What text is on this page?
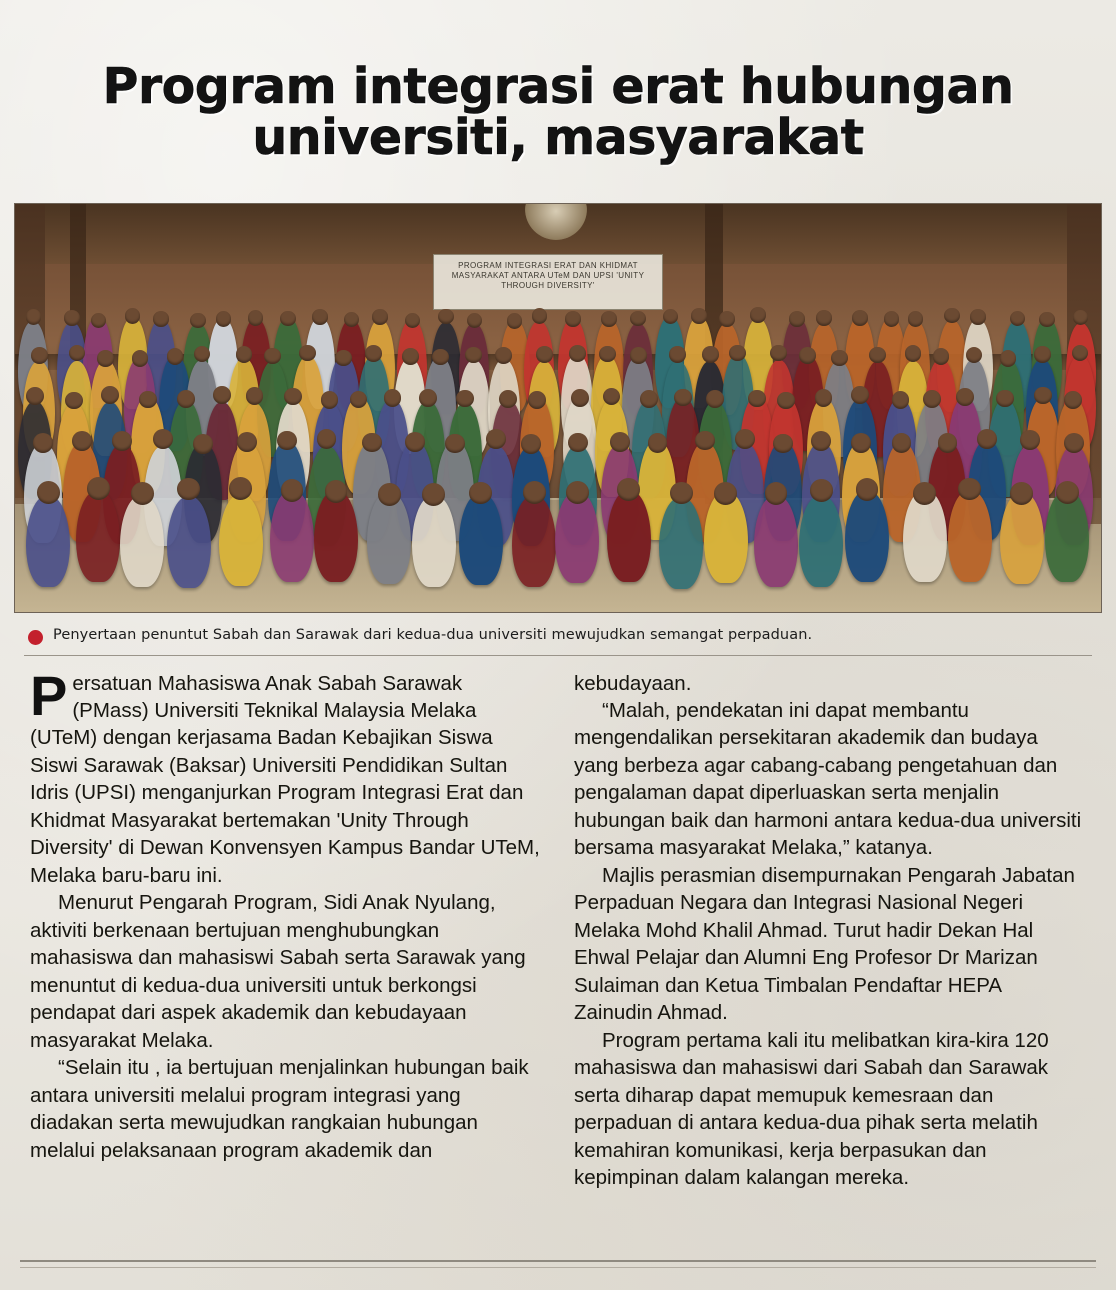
Program integrasi erat hubungan
universiti, masyarakat
PROGRAM INTEGRASI ERAT DAN KHIDMAT MASYARAKAT ANTARA UTeM DAN UPSI 'UNITY THROUGH DIVERSITY'
Penyertaan penuntut Sabah dan Sarawak dari kedua-dua universiti mewujudkan semangat perpaduan.

Persatuan Mahasiswa Anak Sabah Sarawak (PMass) Universiti Teknikal Malaysia Melaka (UTeM) dengan kerjasama Badan Kebajikan Siswa Siswi Sarawak (Baksar) Universiti Pendidikan Sultan Idris (UPSI) menganjurkan Program Integrasi Erat dan Khidmat Masyarakat bertemakan 'Unity Through Diversity' di Dewan Konvensyen Kampus Bandar UTeM, Melaka baru-baru ini.

Menurut Pengarah Program, Sidi Anak Nyulang, aktiviti berkenaan bertujuan menghubungkan mahasiswa dan mahasiswi Sabah serta Sarawak yang menuntut di kedua-dua universiti untuk berkongsi pendapat dari aspek akademik dan kebudayaan masyarakat Melaka.

“Selain itu , ia bertujuan menjalinkan hubungan baik antara universiti melalui program integrasi yang diadakan serta mewujudkan rangkaian hubungan melalui pelaksanaan program akademik dan

kebudayaan.

“Malah, pendekatan ini dapat membantu mengendalikan persekitaran akademik dan budaya yang berbeza agar cabang-cabang pengetahuan dan pengalaman dapat diperluaskan serta menjalin hubungan baik dan harmoni antara kedua-dua universiti bersama masyarakat Melaka,” katanya.

Majlis perasmian disempurnakan Pengarah Jabatan Perpaduan Negara dan Integrasi Nasional Negeri Melaka Mohd Khalil Ahmad. Turut hadir Dekan Hal Ehwal Pelajar dan Alumni Eng Profesor Dr Marizan Sulaiman dan Ketua Timbalan Pendaftar HEPA Zainudin Ahmad.

Program pertama kali itu melibatkan kira-kira 120 mahasiswa dan mahasiswi dari Sabah dan Sarawak serta diharap dapat memupuk kemesraan dan perpaduan di antara kedua-dua pihak serta melatih kemahiran komunikasi, kerja berpasukan dan kepimpinan dalam kalangan mereka.
